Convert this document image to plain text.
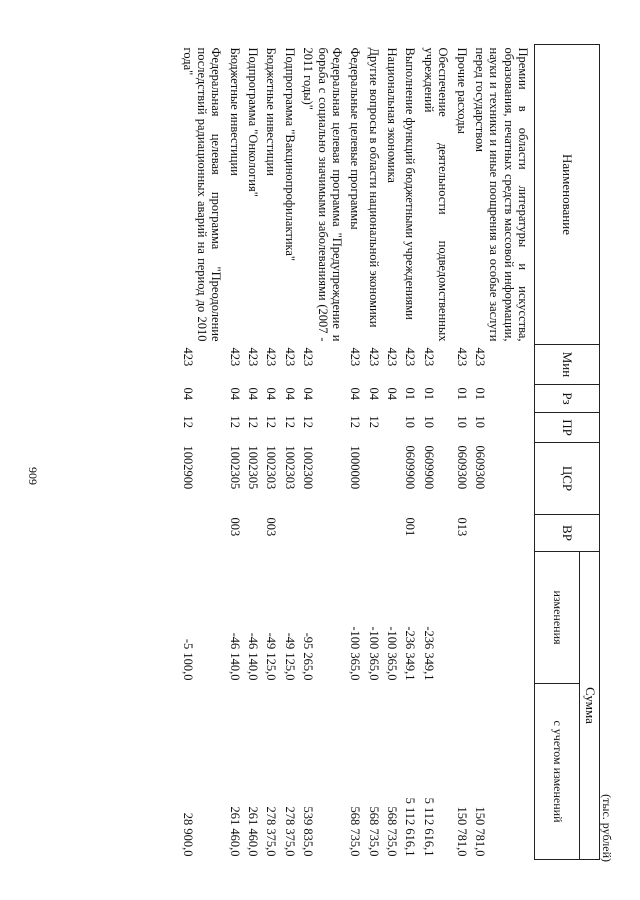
909
(тыс. рублей)
Наименование	Мин	Рз	ПР	ЦСР	ВР	Сумма	
						изменения	с учетом изменений

Премии в области литературы и искусства, образования, печатных средств массовой информации, науки и техники и иные поощрения за особые заслуги перед государством	423	01	10	0609300			150 781,0
Прочие расходы	423	01	10	0609300	013		150 781,0
Обеспечение деятельности подведомственных учреждений	423	01	10	0609900		-236 349,1	5 112 616,1
Выполнение функций бюджетными учреждениями	423	01	10	0609900	001	-236 349,1	5 112 616,1
Национальная экономика	423	04				-100 365,0	568 735,0
Другие вопросы в области национальной экономики	423	04	12			-100 365,0	568 735,0
Федеральные целевые программы	423	04	12	1000000		-100 365,0	568 735,0
Федеральная целевая программа "Предупреждение и борьба с социально значимыми заболеваниями (2007 - 2011 годы)"	423	04	12	1002300		-95 265,0	539 835,0
Подпрограмма "Вакцинопрофилактика"	423	04	12	1002303		-49 125,0	278 375,0
Бюджетные инвестиции	423	04	12	1002303	003	-49 125,0	278 375,0
Подпрограмма "Онкология"	423	04	12	1002305		-46 140,0	261 460,0
Бюджетные инвестиции	423	04	12	1002305	003	-46 140,0	261 460,0
Федеральная целевая программа "Преодоление последствий радиационных аварий на период до 2010 года"	423	04	12	1002900		-5 100,0	28 900,0
